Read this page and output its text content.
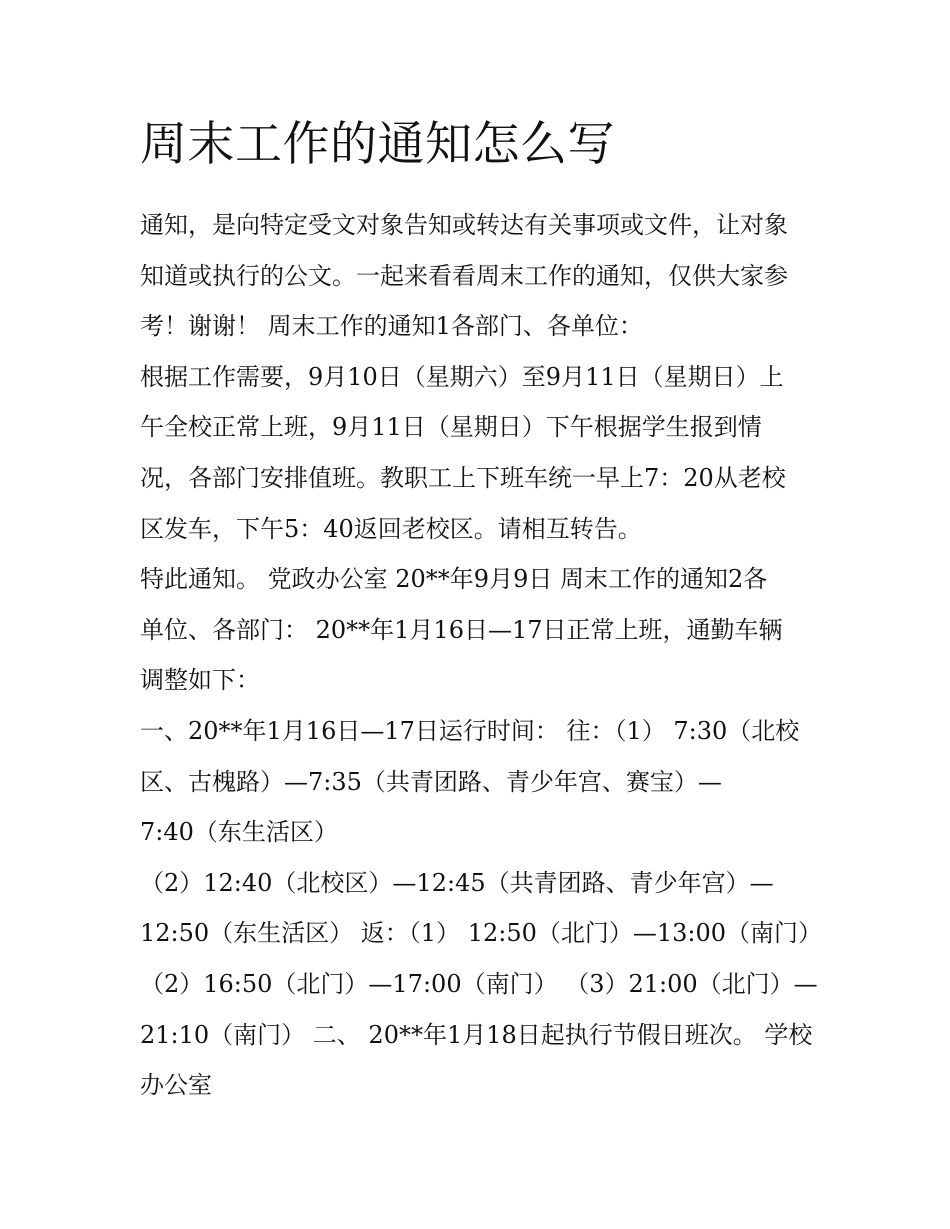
周末工作的通知怎么写

通知，是向特定受文对象告知或转达有关事项或文件，让对象

知道或执行的公文。一起来看看周末工作的通知，仅供大家参

考！谢谢！ 周末工作的通知1各部门、各单位：

根据工作需要，9月10日（星期六）至9月11日（星期日）上

午全校正常上班，9月11日（星期日）下午根据学生报到情

况，各部门安排值班。教职工上下班车统一早上7：20从老校

区发车，下午5：40返回老校区。请相互转告。

特此通知。 党政办公室 20**年9月9日 周末工作的通知2各

单位、各部门： 20**年1月16日—17日正常上班，通勤车辆

调整如下：

一、20**年1月16日—17日运行时间： 往：（1） 7:30（北校

区、古槐路）—7:35（共青团路、青少年宫、赛宝）—

7:40（东生活区）

（2）12:40（北校区）—12:45（共青团路、青少年宫）—

12:50（东生活区） 返：（1） 12:50（北门）—13:00（南门）

（2）16:50（北门）—17:00（南门） （3）21:00（北门）—

21:10（南门） 二、 20**年1月18日起执行节假日班次。 学校

办公室
